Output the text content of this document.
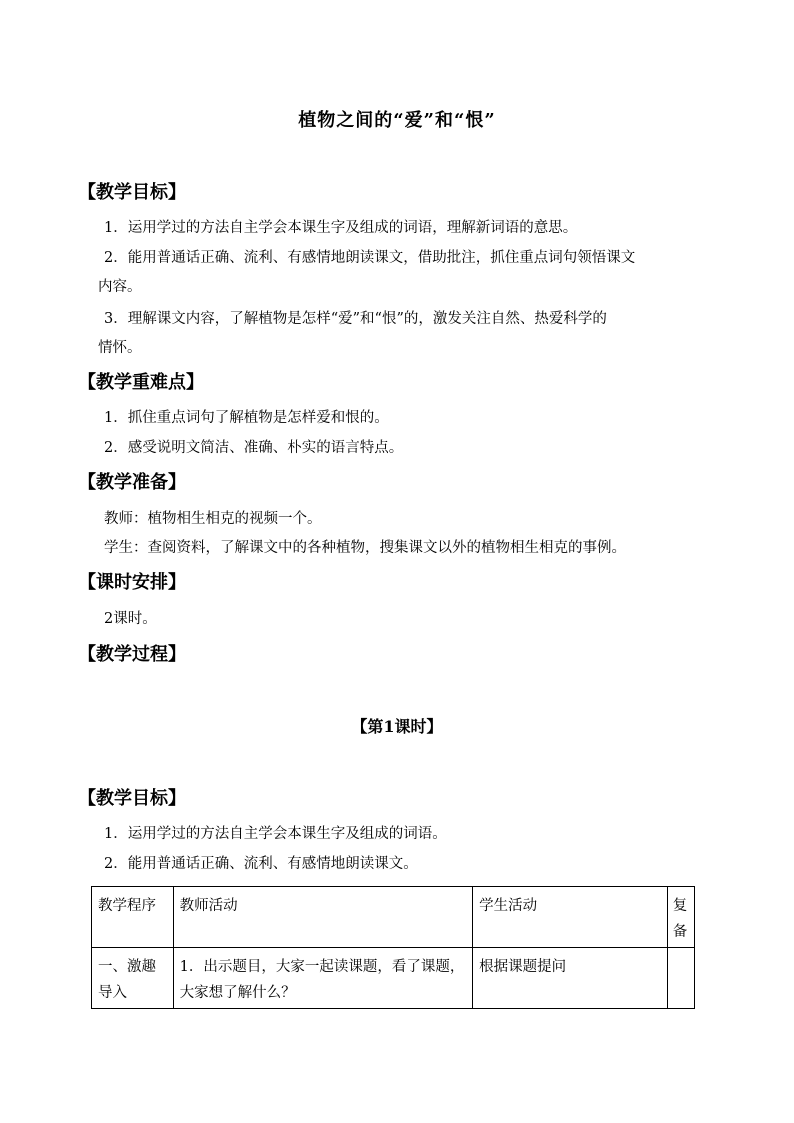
植物之间的“爱”和“恨”
【教学目标】
1．运用学过的方法自主学会本课生字及组成的词语，理解新词语的意思。
2．能用普通话正确、流利、有感情地朗读课文，借助批注，抓住重点词句领悟课文
内容。
3．理解课文内容，了解植物是怎样“爱”和“恨”的，激发关注自然、热爱科学的
情怀。
【教学重难点】
1．抓住重点词句了解植物是怎样爱和恨的。
2．感受说明文简洁、准确、朴实的语言特点。
【教学准备】
教师：植物相生相克的视频一个。
学生：查阅资料，了解课文中的各种植物，搜集课文以外的植物相生相克的事例。
【课时安排】
2课时。
【教学过程】
【第1课时】
【教学目标】
1．运用学过的方法自主学会本课生字及组成的词语。
2．能用普通话正确、流利、有感情地朗读课文。
教学程序	教师活动	学生活动	复备
一、激趣导入	1．出示题目，大家一起读课题，看了课题，大家想了解什么？	根据课题提问	
